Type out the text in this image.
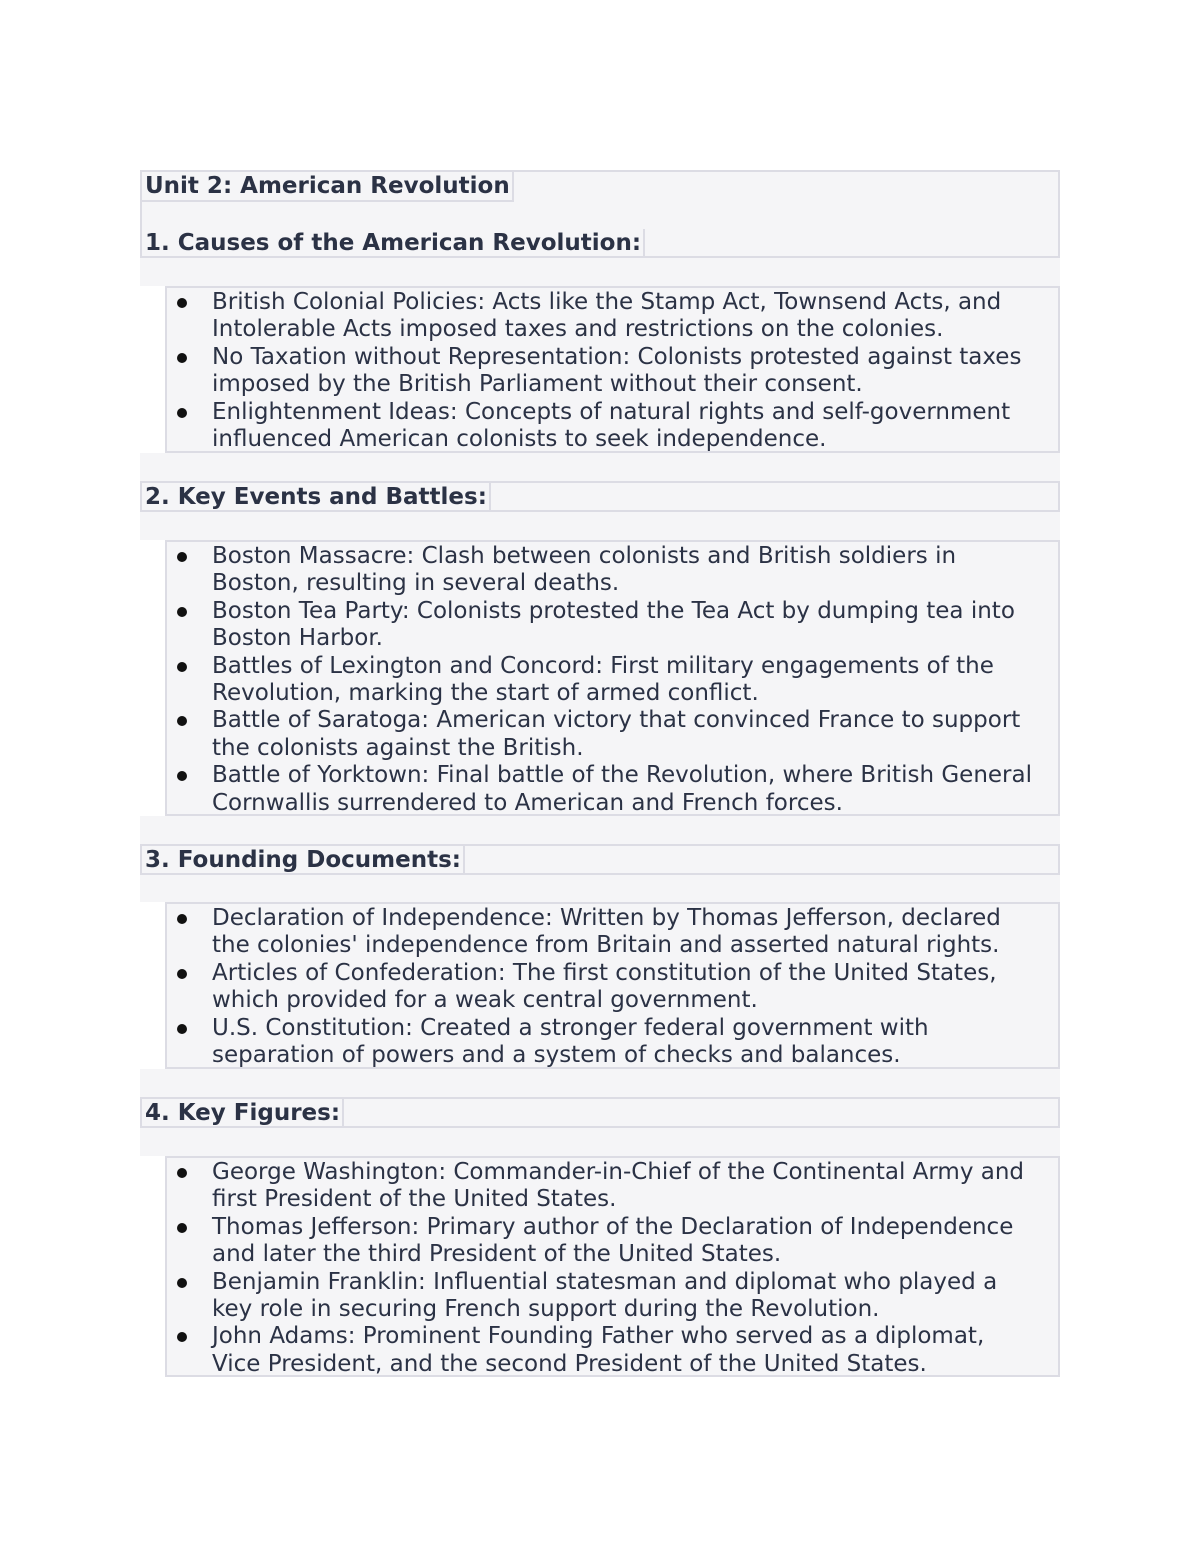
Unit 2: American Revolution
1. Causes of the American Revolution:
British Colonial Policies: Acts like the Stamp Act, Townsend Acts, and
Intolerable Acts imposed taxes and restrictions on the colonies.
No Taxation without Representation: Colonists protested against taxes
imposed by the British Parliament without their consent.
Enlightenment Ideas: Concepts of natural rights and self-government
influenced American colonists to seek independence.
2. Key Events and Battles:
Boston Massacre: Clash between colonists and British soldiers in
Boston, resulting in several deaths.
Boston Tea Party: Colonists protested the Tea Act by dumping tea into
Boston Harbor.
Battles of Lexington and Concord: First military engagements of the
Revolution, marking the start of armed conflict.
Battle of Saratoga: American victory that convinced France to support
the colonists against the British.
Battle of Yorktown: Final battle of the Revolution, where British General
Cornwallis surrendered to American and French forces.
3. Founding Documents:
Declaration of Independence: Written by Thomas Jefferson, declared
the colonies' independence from Britain and asserted natural rights.
Articles of Confederation: The first constitution of the United States,
which provided for a weak central government.
U.S. Constitution: Created a stronger federal government with
separation of powers and a system of checks and balances.
4. Key Figures:
George Washington: Commander-in-Chief of the Continental Army and
first President of the United States.
Thomas Jefferson: Primary author of the Declaration of Independence
and later the third President of the United States.
Benjamin Franklin: Influential statesman and diplomat who played a
key role in securing French support during the Revolution.
John Adams: Prominent Founding Father who served as a diplomat,
Vice President, and the second President of the United States.
